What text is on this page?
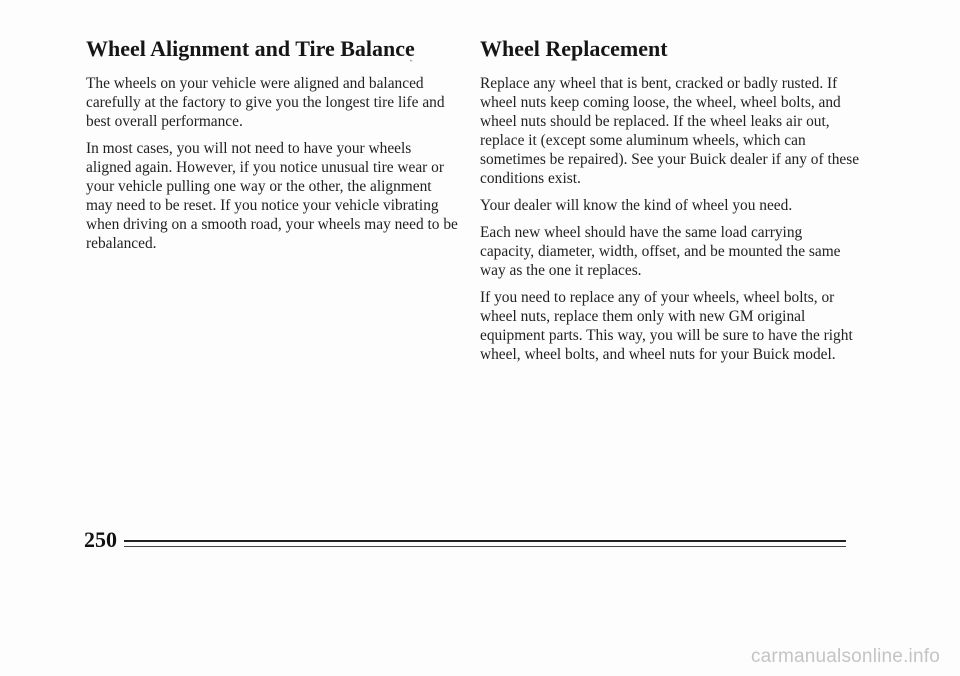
Wheel Alignment and Tire Balance

The wheels on your vehicle were aligned and balanced carefully at the factory to give you the longest tire life and best overall performance.

In most cases, you will not need to have your wheels aligned again. However, if you notice unusual tire wear or your vehicle pulling one way or the other, the alignment may need to be reset. If you notice your vehicle vibrating when driving on a smooth road, your wheels may need to be rebalanced.

ʺ
Wheel Replacement

Replace any wheel that is bent, cracked or badly rusted. If wheel nuts keep coming loose, the wheel, wheel bolts, and wheel nuts should be replaced. If the wheel leaks air out, replace it (except some aluminum wheels, which can sometimes be repaired). See your Buick dealer if any of these conditions exist.

Your dealer will know the kind of wheel you need.

Each new wheel should have the same load carrying capacity, diameter, width, offset, and be mounted the same way as the one it replaces.

If you need to replace any of your wheels, wheel bolts, or wheel nuts, replace them only with new GM original equipment parts. This way, you will be sure to have the right wheel, wheel bolts, and wheel nuts for your Buick model.

250
carmanualsonline.info
